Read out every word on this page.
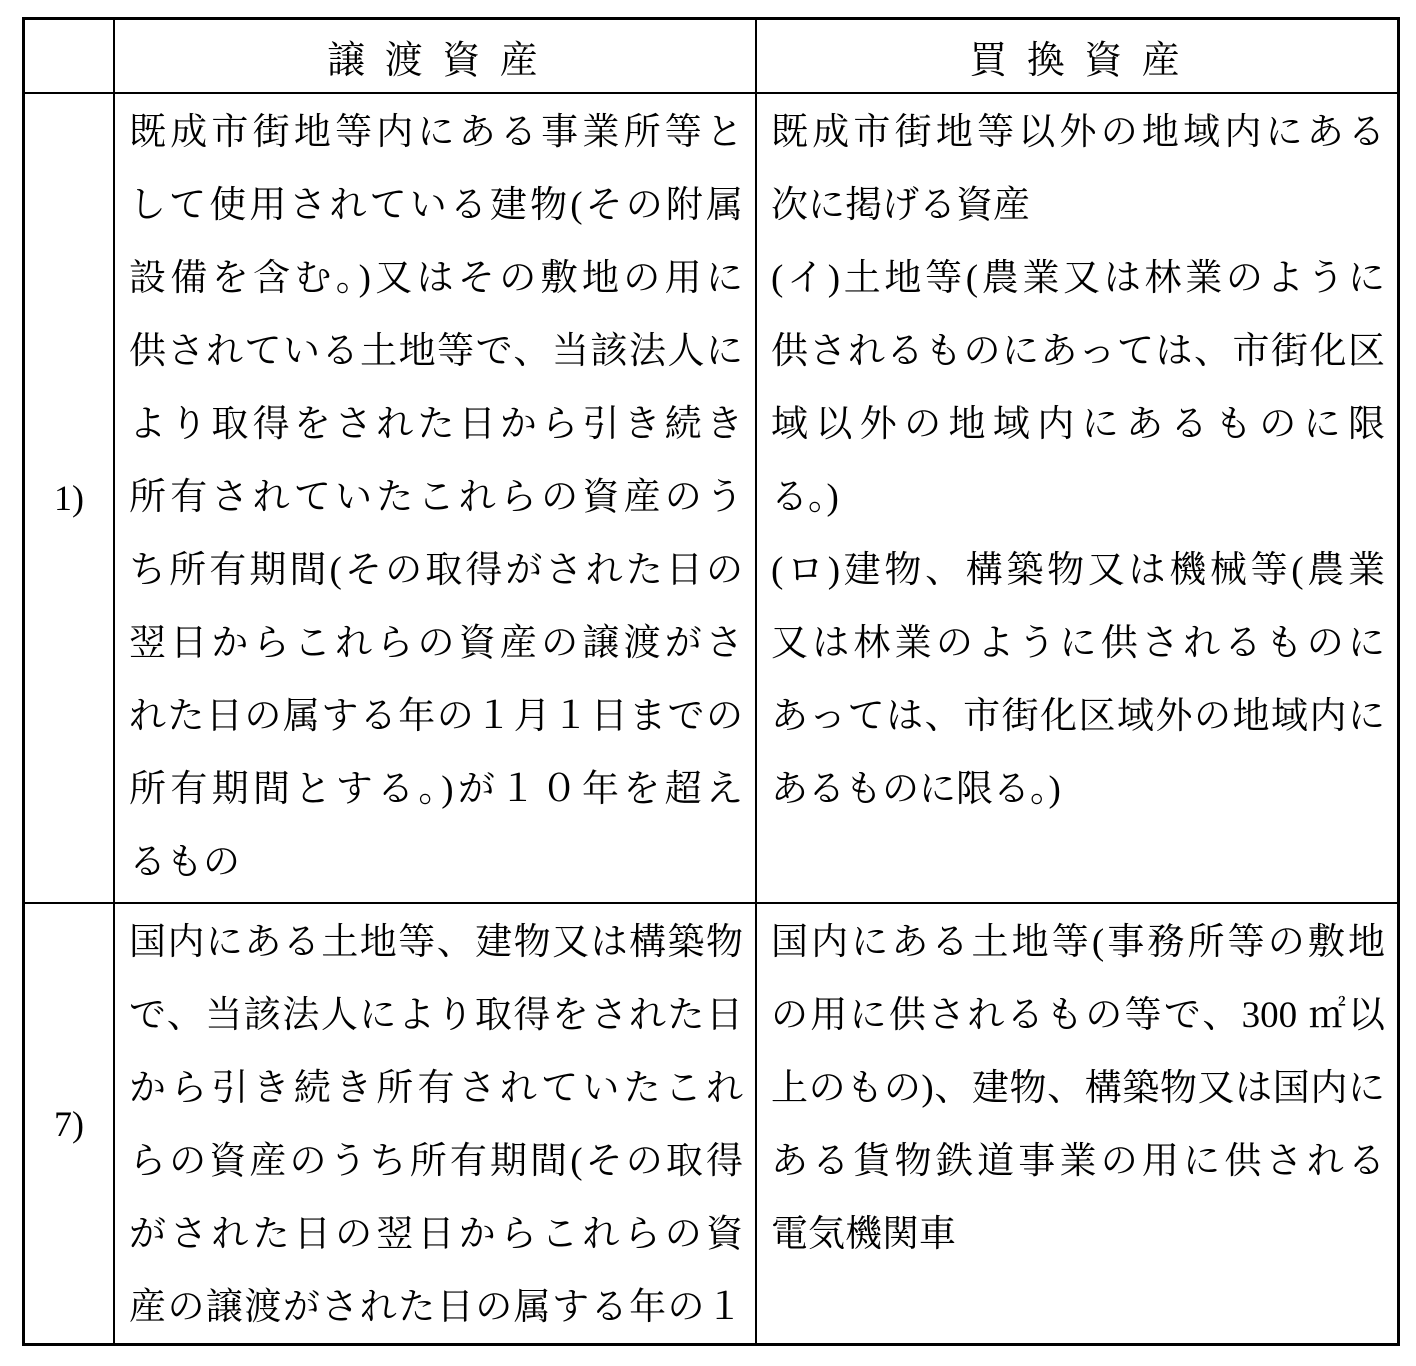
譲 渡 資 産	買 換 資 産
1)
既成市街地等内にある事業所等と
して使用されている建物(その附属
設備を含む。)又はその敷地の用に
供されている土地等で、当該法人に
より取得をされた日から引き続き
所有されていたこれらの資産のう
ち所有期間(その取得がされた日の
翌日からこれらの資産の譲渡がさ
れた日の属する年の１月１日までの
所有期間とする。)が１０年を超え
るもの
既成市街地等以外の地域内にある
次に掲げる資産
(イ)土地等(農業又は林業のように
供されるものにあっては、市街化区
域以外の地域内にあるものに限
る。)
(ロ)建物、構築物又は機械等(農業
又は林業のように供されるものに
あっては、市街化区域外の地域内に
あるものに限る。)
7)
国内にある土地等、建物又は構築物
で、当該法人により取得をされた日
から引き続き所有されていたこれ
らの資産のうち所有期間(その取得
がされた日の翌日からこれらの資
産の譲渡がされた日の属する年の１
国内にある土地等(事務所等の敷地
の用に供されるもの等で、300 ㎡以
上のもの)、建物、構築物又は国内に
ある貨物鉄道事業の用に供される
電気機関車
